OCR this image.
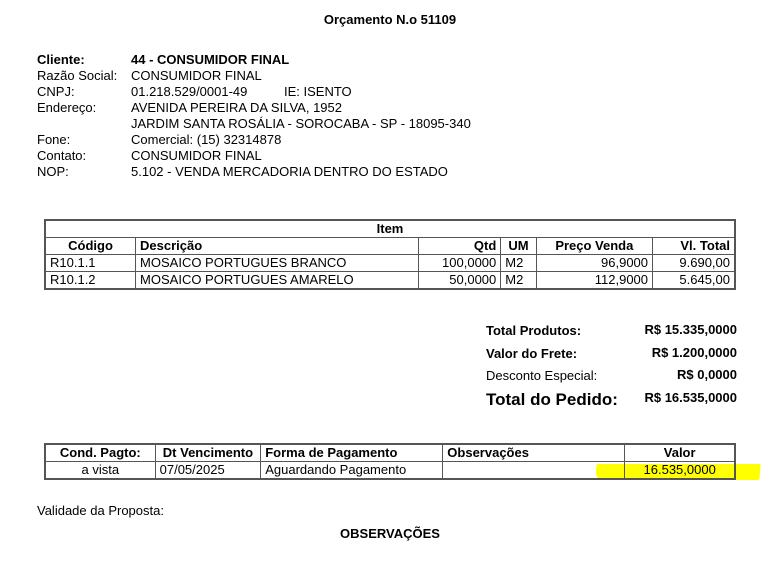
Orçamento N.o 51109
Cliente:	44 - CONSUMIDOR FINAL
Razão Social: CONSUMIDOR FINAL
CNPJ:	01.218.529/0001-49	IE: ISENTO
Endereço:	AVENIDA PEREIRA DA SILVA, 1952
JARDIM SANTA ROSÁLIA - SOROCABA - SP - 18095-340
Fone:	Comercial: (15) 32314878
Contato:	CONSUMIDOR FINAL
NOP:	5.102 - VENDA MERCADORIA DENTRO DO ESTADO
Item					
Código	Descrição	Qtd	UM	Preço Venda	Vl. Total
R10.1.1	MOSAICO PORTUGUES BRANCO	100,0000	M2	96,9000	9.690,00
R10.1.2	MOSAICO PORTUGUES AMARELO	50,0000	M2	112,9000	5.645,00
Total Produtos:	R$ 15.335,0000
Valor do Frete:	R$ 1.200,0000
Desconto Especial:	R$ 0,0000
Total do Pedido:	R$ 16.535,0000
Cond. Pagto:	Dt Vencimento	Forma de Pagamento	Observações	Valor
a vista	07/05/2025	Aguardando Pagamento		16.535,0000
Validade da Proposta:
OBSERVAÇÕES
